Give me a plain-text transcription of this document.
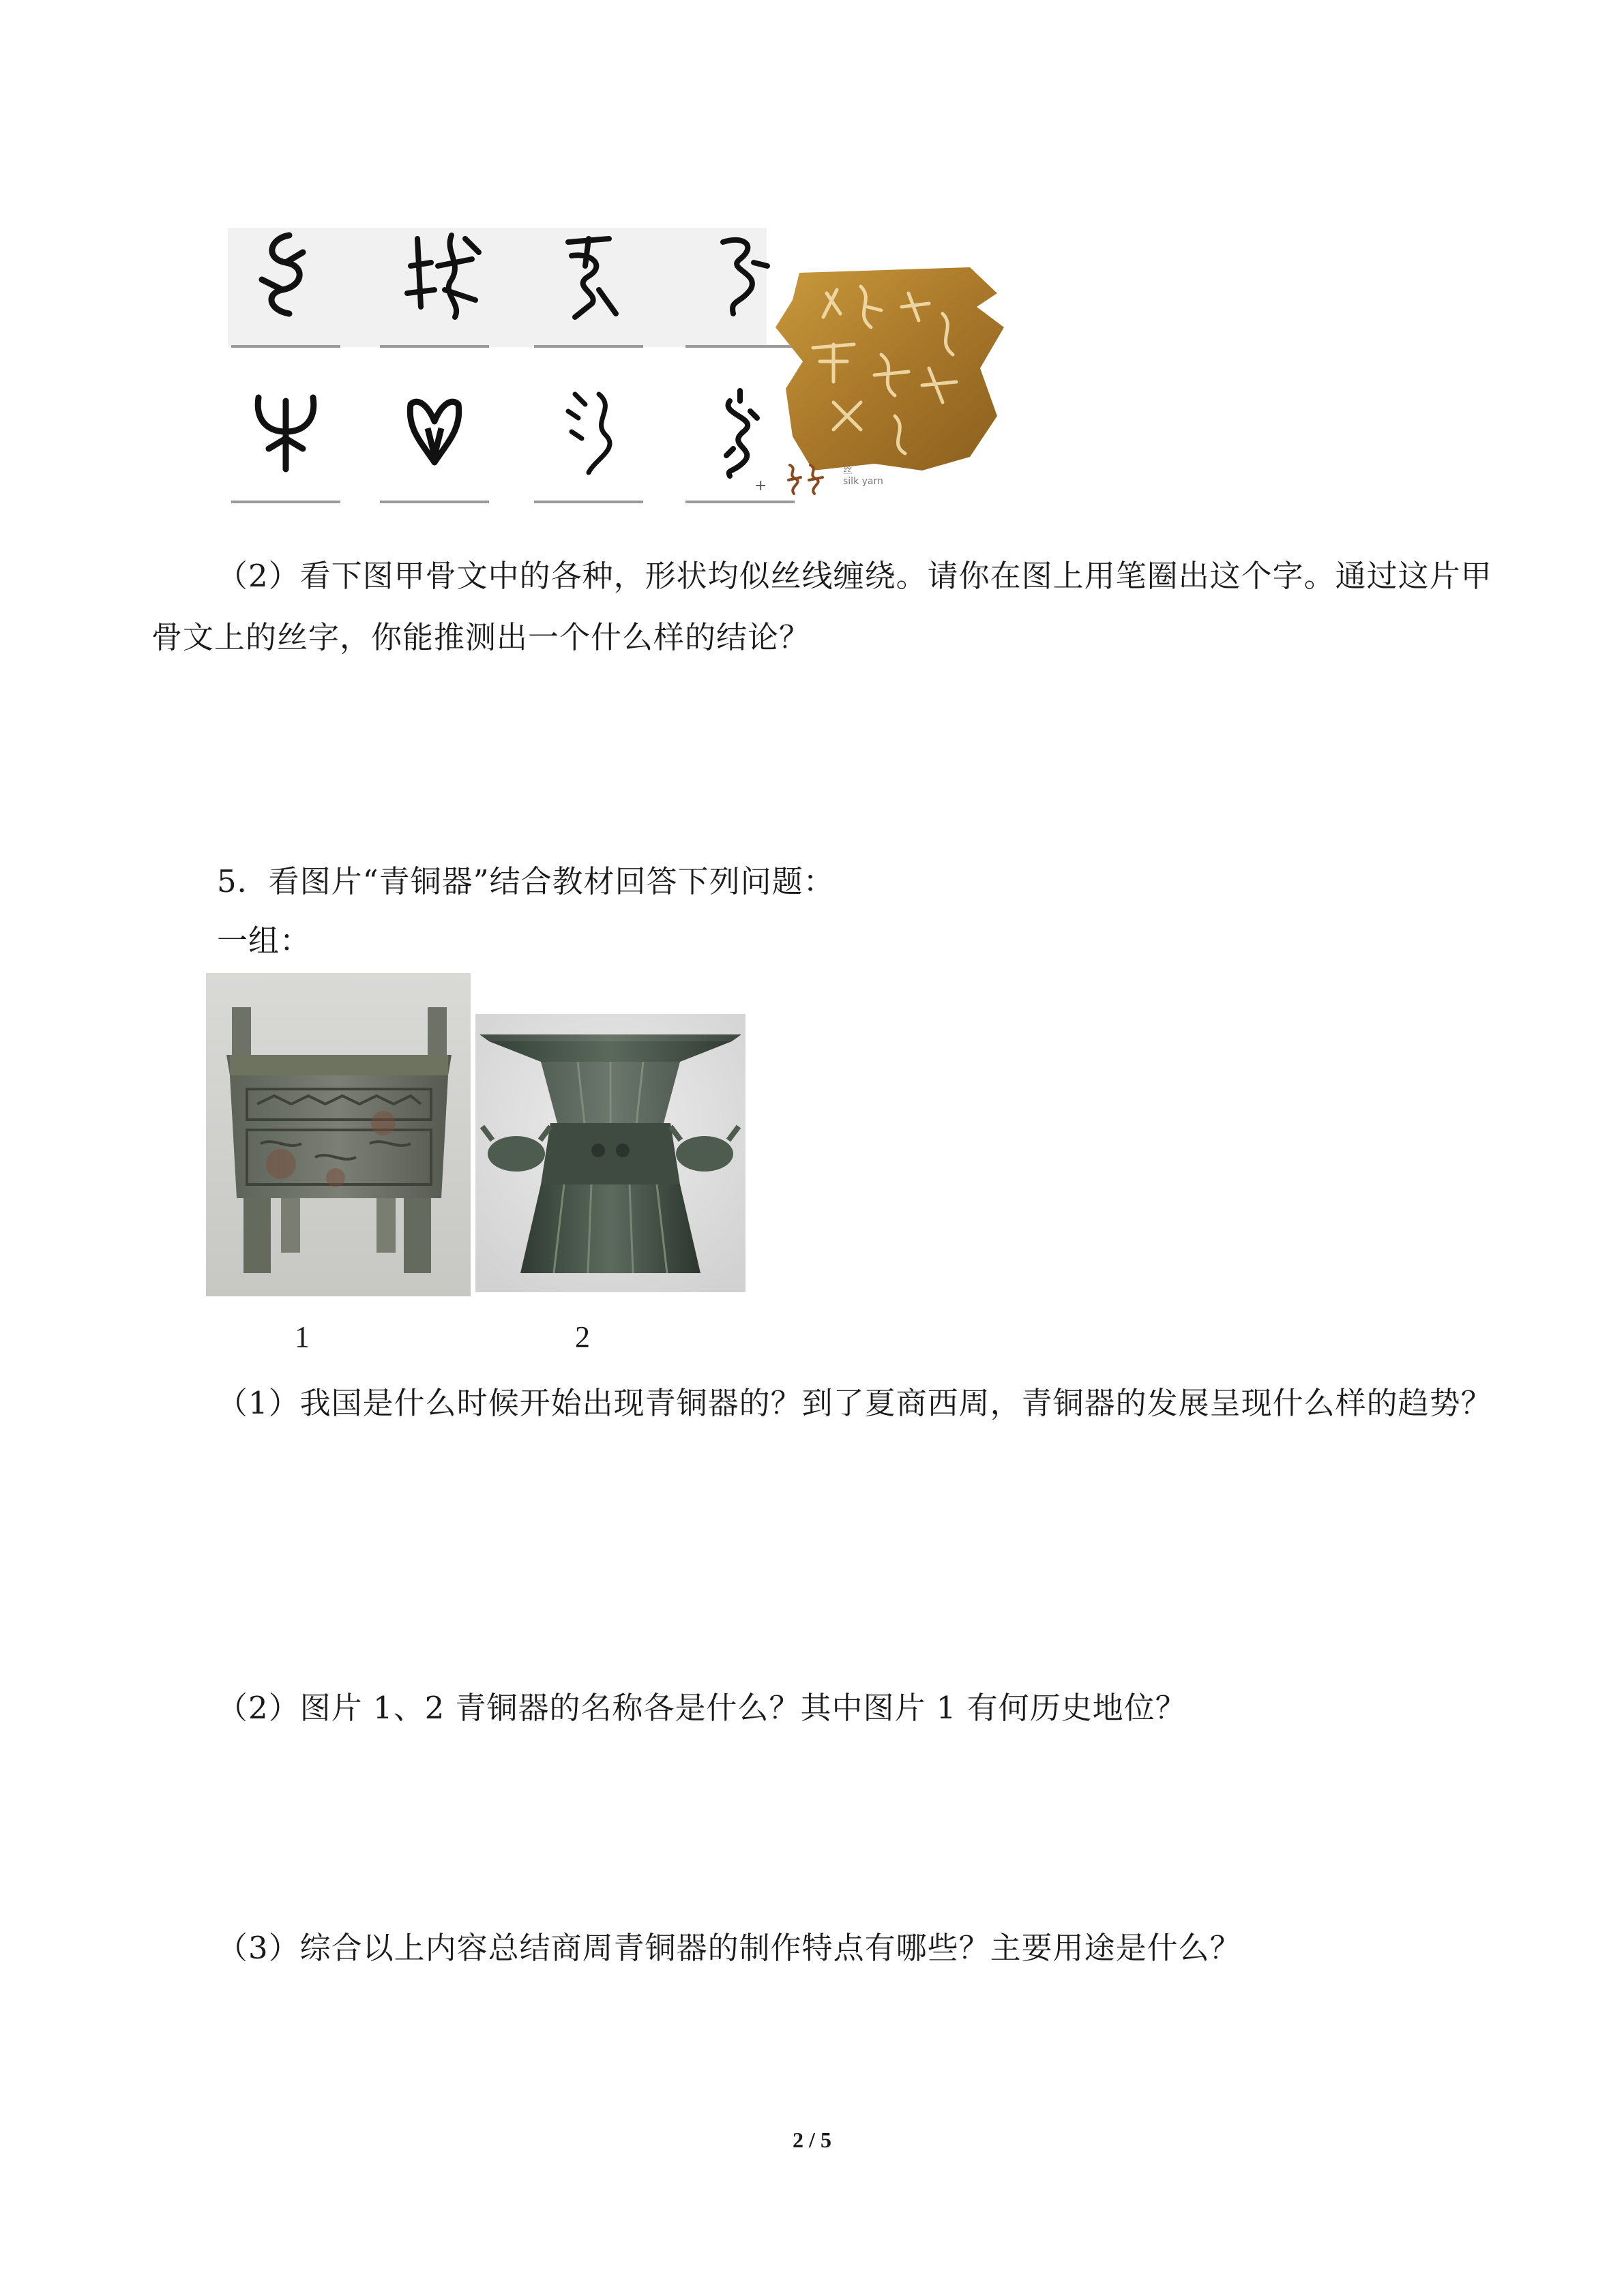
+
丝
silk yarn

（2）看下图甲骨文中的各种，形状均似丝线缠绕。请你在图上用笔圈出这个字。通过这片甲骨文上的丝字，你能推测出一个什么样的结论？

5．看图片“青铜器”结合教材回答下列问题：

一组：

1	2

（1）我国是什么时候开始出现青铜器的？到了夏商西周，青铜器的发展呈现什么样的趋势？

（2）图片 1、2 青铜器的名称各是什么？其中图片 1 有何历史地位？

（3）综合以上内容总结商周青铜器的制作特点有哪些？主要用途是什么？

2 / 5
